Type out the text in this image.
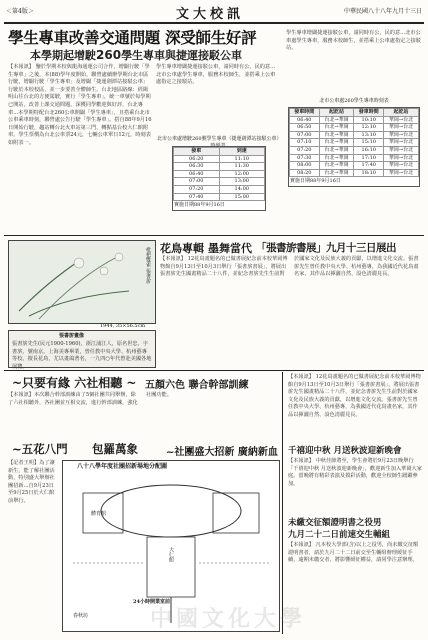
＜第4版＞	文大校訊	中華民國八十八年九月十三日
學生專車改善交通問題 深受師生好評
本學期起增駛260學生專車與捷運接駁公車
【本報訊】 鑒於學期本校與龍海通運公司合作，增闢行駛「學生專車」之後，本(88)學年度開始，聯營處續辦學期台北市區行駛，增闢行駛「學生專車」及增闢「捷運劍潭站接駁公車」行駛於本校校區，並一步要善全體師生。台北地區路線：經陽明山往台北的方便駕駛，實行「學生專車」，統一車號於每學期已開站，改善上課交通問題。深獲同學歡迎與好評，台北專車...本學期特配台北260公車開闢「學生專車」，且搭乘台北市公車乘車時刻，聯營處公告行駛「學生專車」。搭自88年9月16日開始行駛，趨站轉台北火車站第三門，轉點基台校大仁館附車。學生票價為台北公車票24元，七輛公車單日12元，時刻表如附表一。
北市公車處增駛260號學生專車（捷運劍潭站接駁公車）
發車	到達
06:20	11:10
06:30	11:30
06:40	12:00
07:00	13:00
07:20	14:00
07:40	15:00
實施日期88年9月16日
學生專車增闢捷運接駁公車，請同時有公，民的意...北市公車處學生專車，服務本校師生，並搭乘上公車處指定之接駁站。
學生專車增闢捷運接駁公車，請同時有公，民的意...北市公車處學生專車，服務本校師生，並搭乘上公車處指定之接駁站。
北市公車處260學生專車時刻表
發車時間	起訖站	發車時間	起訖站
06:40	台北→華岡	10:10	華岡→台北
06:50	台北→華岡	12:10	華岡→台北
07:00	台北→華岡	13:10	華岡→台北
07:10	台北→華岡	15:10	華岡→台北
07:20	台北→華岡	16:10	華岡→台北
07:30	台北→華岡	17:10	華岡→台北
08:00	台北→華岡	17:40	華岡→台北
08:20	台北→華岡	18:10	華岡→台北
實施日期88年9月16日
花鳥專輯 墨舞當代 「張書旂書展」九月十三日展出
【本報訊】 12花鳥畫題名的已做書展紀念前本校華岡博物館自9月13日至10月3日舉行「張書旂書展」，將展出張書旂先生國畫精品二十八件，並紀念書旂先生生前對於國家文化及民族大義的貢獻，以增進文化交流。張書旂先生曾任教中央大學、杭州藝專，為我國近代花鳥畫名家，其作品以揮灑自然、設色清麗見長。
枇杷雙雀 張書旂
1944, 35×56.5cm
張書旂畫像
張書旂先生(民元1900-1960)，浙江浦江人，原名世忠，字書旂，號南京。上海美專畢業，曾任教中央大學、杭州藝專等校。擅長花鳥，尤以畫鴿著名，一九四○年代曾赴美國各地展覽。
~只要有緣 六社相聽 ~ 五顏六色 聯合幹部訓練
【本報訊】本次聯合幹部訓練由了5個社團共同舉辦，除了六社相聽外，各社團並互相交流，進行幹部訓練，強化社團功能。
~五花八門 包羅萬象	~社團盛大招新 廣納新血
【記者王明】為了讓新生，能了解社團活動，特別盛大舉辦社團招新...自9月23日至9月25日於大仁館前舉行。
八十八學年度社團招新場地分配圖
體育館
大仁館
24小時開業室前
春秋坊
千禧迎中秋 月送秋波迎新晚會
【本報訊】 中秋佳節將至，學生會將於9月23日晚舉行「千禧迎中秋 月送秋波迎新晚會」，歡迎新生加入華岡大家庭。當晚將有精彩表演及摸彩活動，歡迎全校師生踴躍參加。
未繳交征額證明書之役男
九月二十二日前速交生輔組
【本報訊】 凡本校大學部(含)以上之役男，尚未繳交征額證明書者，請於九月二十二日前交至生輔組辦理緩征手續，逾期未繳交者，將影響緩征權益，請同學注意辦理。
【本報訊】 12花鳥畫題名的已做書展紀念前本校華岡博物館自9月13日至10月3日舉行「張書旂書展」，將展出張書旂先生國畫精品二十八件，並紀念書旂先生生前對於國家文化及民族大義的貢獻，以增進文化交流。張書旂先生曾任教中央大學、杭州藝專，為我國近代花鳥畫名家，其作品以揮灑自然、設色清麗見長。
中國文化大學
